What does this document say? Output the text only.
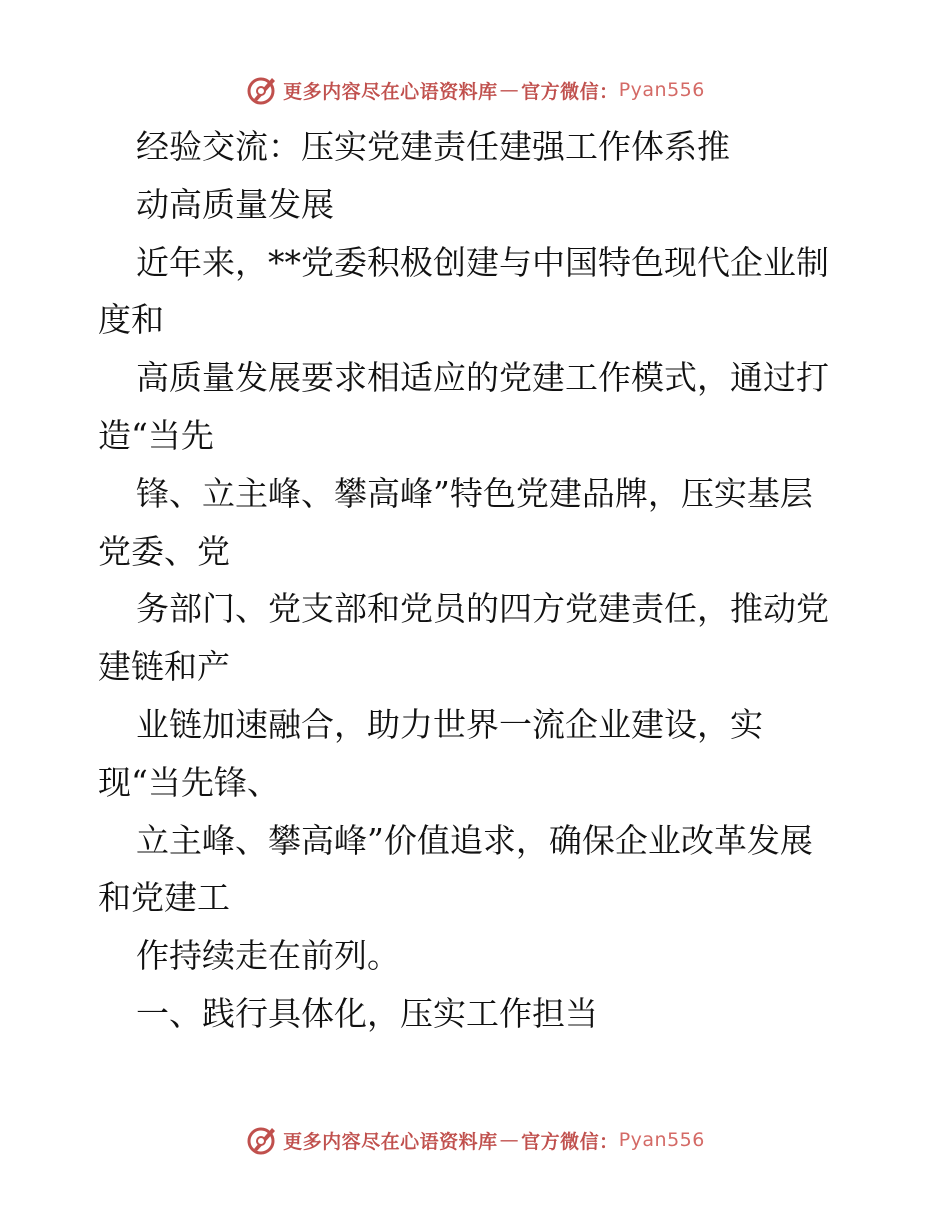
更多内容尽在心语资料库 — 官方微信： Pyan556
经验交流：压实党建责任建强工作体系推
动高质量发展
近年来，**党委积极创建与中国特色现代企业制
度和
高质量发展要求相适应的党建工作模式，通过打
造“当先
锋、立主峰、攀高峰”特色党建品牌，压实基层
党委、党
务部门、党支部和党员的四方党建责任，推动党
建链和产
业链加速融合，助力世界一流企业建设，实
现“当先锋、
立主峰、攀高峰”价值追求，确保企业改革发展
和党建工
作持续走在前列。
一、践行具体化，压实工作担当
更多内容尽在心语资料库 — 官方微信： Pyan556
